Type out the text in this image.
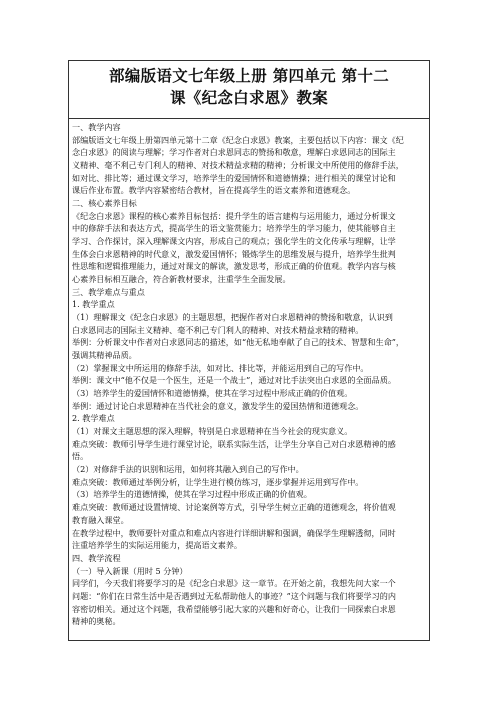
部编版语文七年级上册 第四单元 第十二
课《纪念白求恩》教案
一、教学内容
部编版语文七年级上册第四单元第十二章《纪念白求恩》教案，主要包括以下内容：课文《纪
念白求恩》的阅读与理解；学习作者对白求恩同志的赞扬和敬意，理解白求恩同志的国际主
义精神、毫不利己专门利人的精神、对技术精益求精的精神；分析课文中所使用的修辞手法，
如对比、排比等；通过课文学习，培养学生的爱国情怀和道德情操；进行相关的课堂讨论和
课后作业布置。教学内容紧密结合教材，旨在提高学生的语文素养和道德观念。
二、核心素养目标
《纪念白求恩》课程的核心素养目标包括：提升学生的语言建构与运用能力，通过分析课文
中的修辞手法和表达方式，提高学生的语文鉴赏能力；培养学生的学习能力，使其能够自主
学习、合作探讨，深入理解课文内容，形成自己的观点；强化学生的文化传承与理解，让学
生体会白求恩精神的时代意义，激发爱国情怀；锻炼学生的思维发展与提升，培养学生批判
性思维和逻辑推理能力，通过对课文的解读，激发思考，形成正确的价值观。教学内容与核
心素养目标相互融合，符合新教材要求，注重学生全面发展。
三、教学难点与重点
1. 教学重点
（1）理解课文《纪念白求恩》的主题思想，把握作者对白求恩精神的赞扬和敬意，认识到
白求恩同志的国际主义精神、毫不利己专门利人的精神、对技术精益求精的精神。
举例：分析课文中作者对白求恩同志的描述，如“他无私地奉献了自己的技术、智慧和生命”，
强调其精神品质。
（2）掌握课文中所运用的修辞手法，如对比、排比等，并能运用到自己的写作中。
举例：课文中“他不仅是一个医生，还是一个战士”，通过对比手法突出白求恩的全面品质。
（3）培养学生的爱国情怀和道德情操，使其在学习过程中形成正确的价值观。
举例：通过讨论白求恩精神在当代社会的意义，激发学生的爱国热情和道德观念。
2. 教学难点
（1）对课文主题思想的深入理解，特别是白求恩精神在当今社会的现实意义。
难点突破：教师引导学生进行课堂讨论，联系实际生活，让学生分享自己对白求恩精神的感
悟。
（2）对修辞手法的识别和运用，如何将其融入到自己的写作中。
难点突破：教师通过举例分析，让学生进行模仿练习，逐步掌握并运用到写作中。
（3）培养学生的道德情操，使其在学习过程中形成正确的价值观。
难点突破：教师通过设置情境、讨论案例等方式，引导学生树立正确的道德观念，将价值观
教育融入课堂。
在教学过程中，教师要针对重点和难点内容进行详细讲解和强调，确保学生理解透彻，同时
注重培养学生的实际运用能力，提高语文素养。
四、教学流程
（一）导入新课（用时 5 分钟）
同学们，今天我们将要学习的是《纪念白求恩》这一章节。在开始之前，我想先问大家一个
问题：“你们在日常生活中是否遇到过无私帮助他人的事迹？”这个问题与我们将要学习的内
容密切相关。通过这个问题，我希望能够引起大家的兴趣和好奇心，让我们一同探索白求恩
精神的奥秘。
